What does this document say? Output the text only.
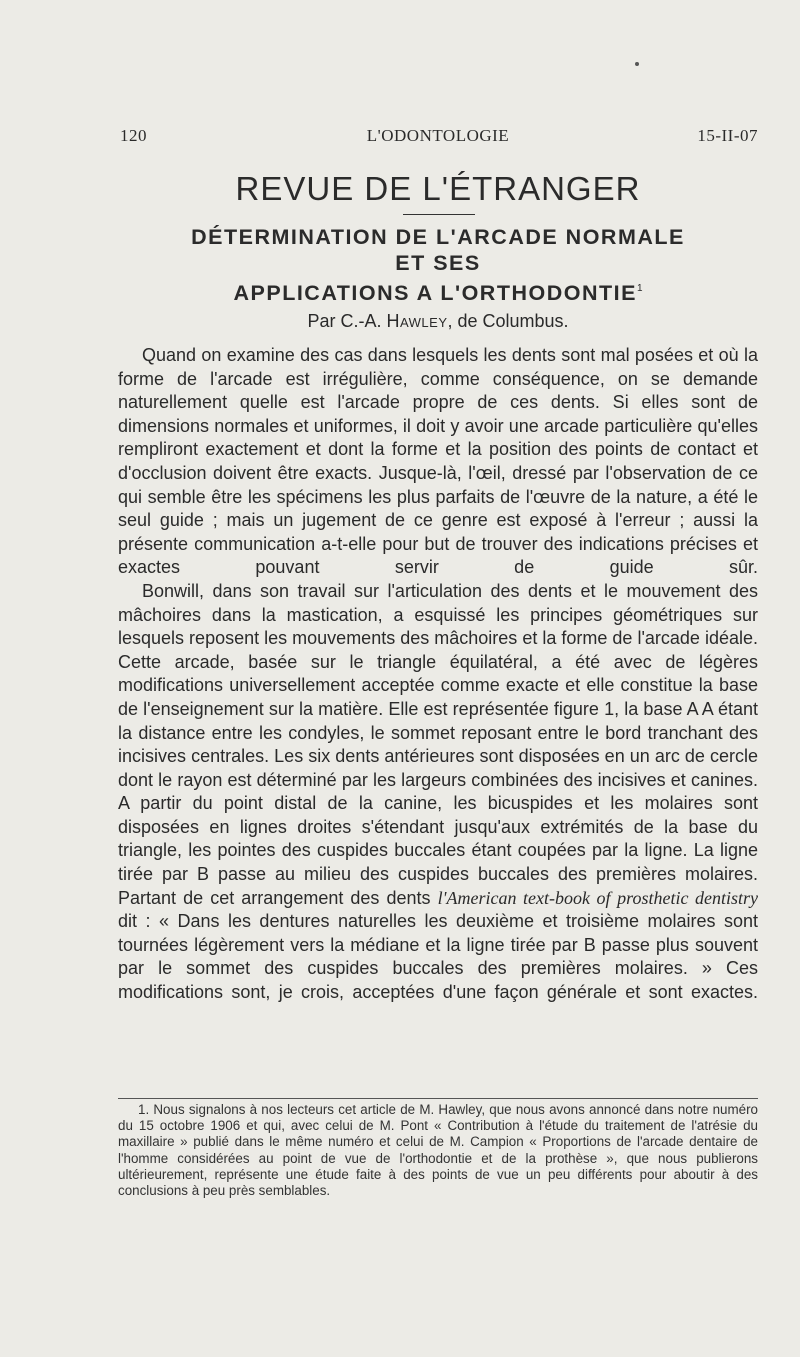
120	L'ODONTOLOGIE	15-II-07
REVUE DE L'ÉTRANGER
DÉTERMINATION DE L'ARCADE NORMALE
ET SES
APPLICATIONS A L'ORTHODONTIE$^1$
Par C.-A. Hawley, de Columbus.

Quand on examine des cas dans lesquels les dents sont mal posées et où la forme de l'arcade est irrégulière, comme conséquence, on se demande naturellement quelle est l'arcade propre de ces dents. Si elles sont de dimensions normales et uniformes, il doit y avoir une arcade particulière qu'elles rempliront exactement et dont la forme et la position des points de contact et d'occlusion doivent être exacts. Jusque-là, l'œil, dressé par l'observation de ce qui semble être les spécimens les plus parfaits de l'œuvre de la nature, a été le seul guide ; mais un jugement de ce genre est exposé à l'erreur ; aussi la présente communication a-t-elle pour but de trouver des indications précises et exactes pouvant servir de guide sûr.

Bonwill, dans son travail sur l'articulation des dents et le mouvement des mâchoires dans la mastication, a esquissé les principes géométriques sur lesquels reposent les mouvements des mâchoires et la forme de l'arcade idéale. Cette arcade, basée sur le triangle équilatéral, a été avec de légères modifications universellement acceptée comme exacte et elle constitue la base de l'enseignement sur la matière. Elle est représentée figure 1, la base A A étant la distance entre les condyles, le sommet reposant entre le bord tranchant des incisives centrales. Les six dents antérieures sont disposées en un arc de cercle dont le rayon est déterminé par les largeurs combinées des incisives et canines. A partir du point distal de la canine, les bicuspides et les molaires sont disposées en lignes droites s'étendant jusqu'aux extrémités de la base du triangle, les pointes des cuspides buccales étant coupées par la ligne. La ligne tirée par B passe au milieu des cuspides buccales des premières molaires. Partant de cet arrangement des dents l'American text-book of prosthetic dentistry dit : « Dans les dentures naturelles les deuxième et troisième molaires sont tournées légèrement vers la médiane et la ligne tirée par B passe plus souvent par le sommet des cuspides buccales des premières molaires. » Ces modifications sont, je crois, acceptées d'une façon générale et sont exactes.

1. Nous signalons à nos lecteurs cet article de M. Hawley, que nous avons annoncé dans notre numéro du 15 octobre 1906 et qui, avec celui de M. Pont « Contribution à l'étude du traitement de l'atrésie du maxillaire » publié dans le même numéro et celui de M. Campion « Proportions de l'arcade dentaire de l'homme considérées au point de vue de l'orthodontie et de la prothèse », que nous publierons ultérieurement, représente une étude faite à des points de vue un peu différents pour aboutir à des conclusions à peu près semblables.
